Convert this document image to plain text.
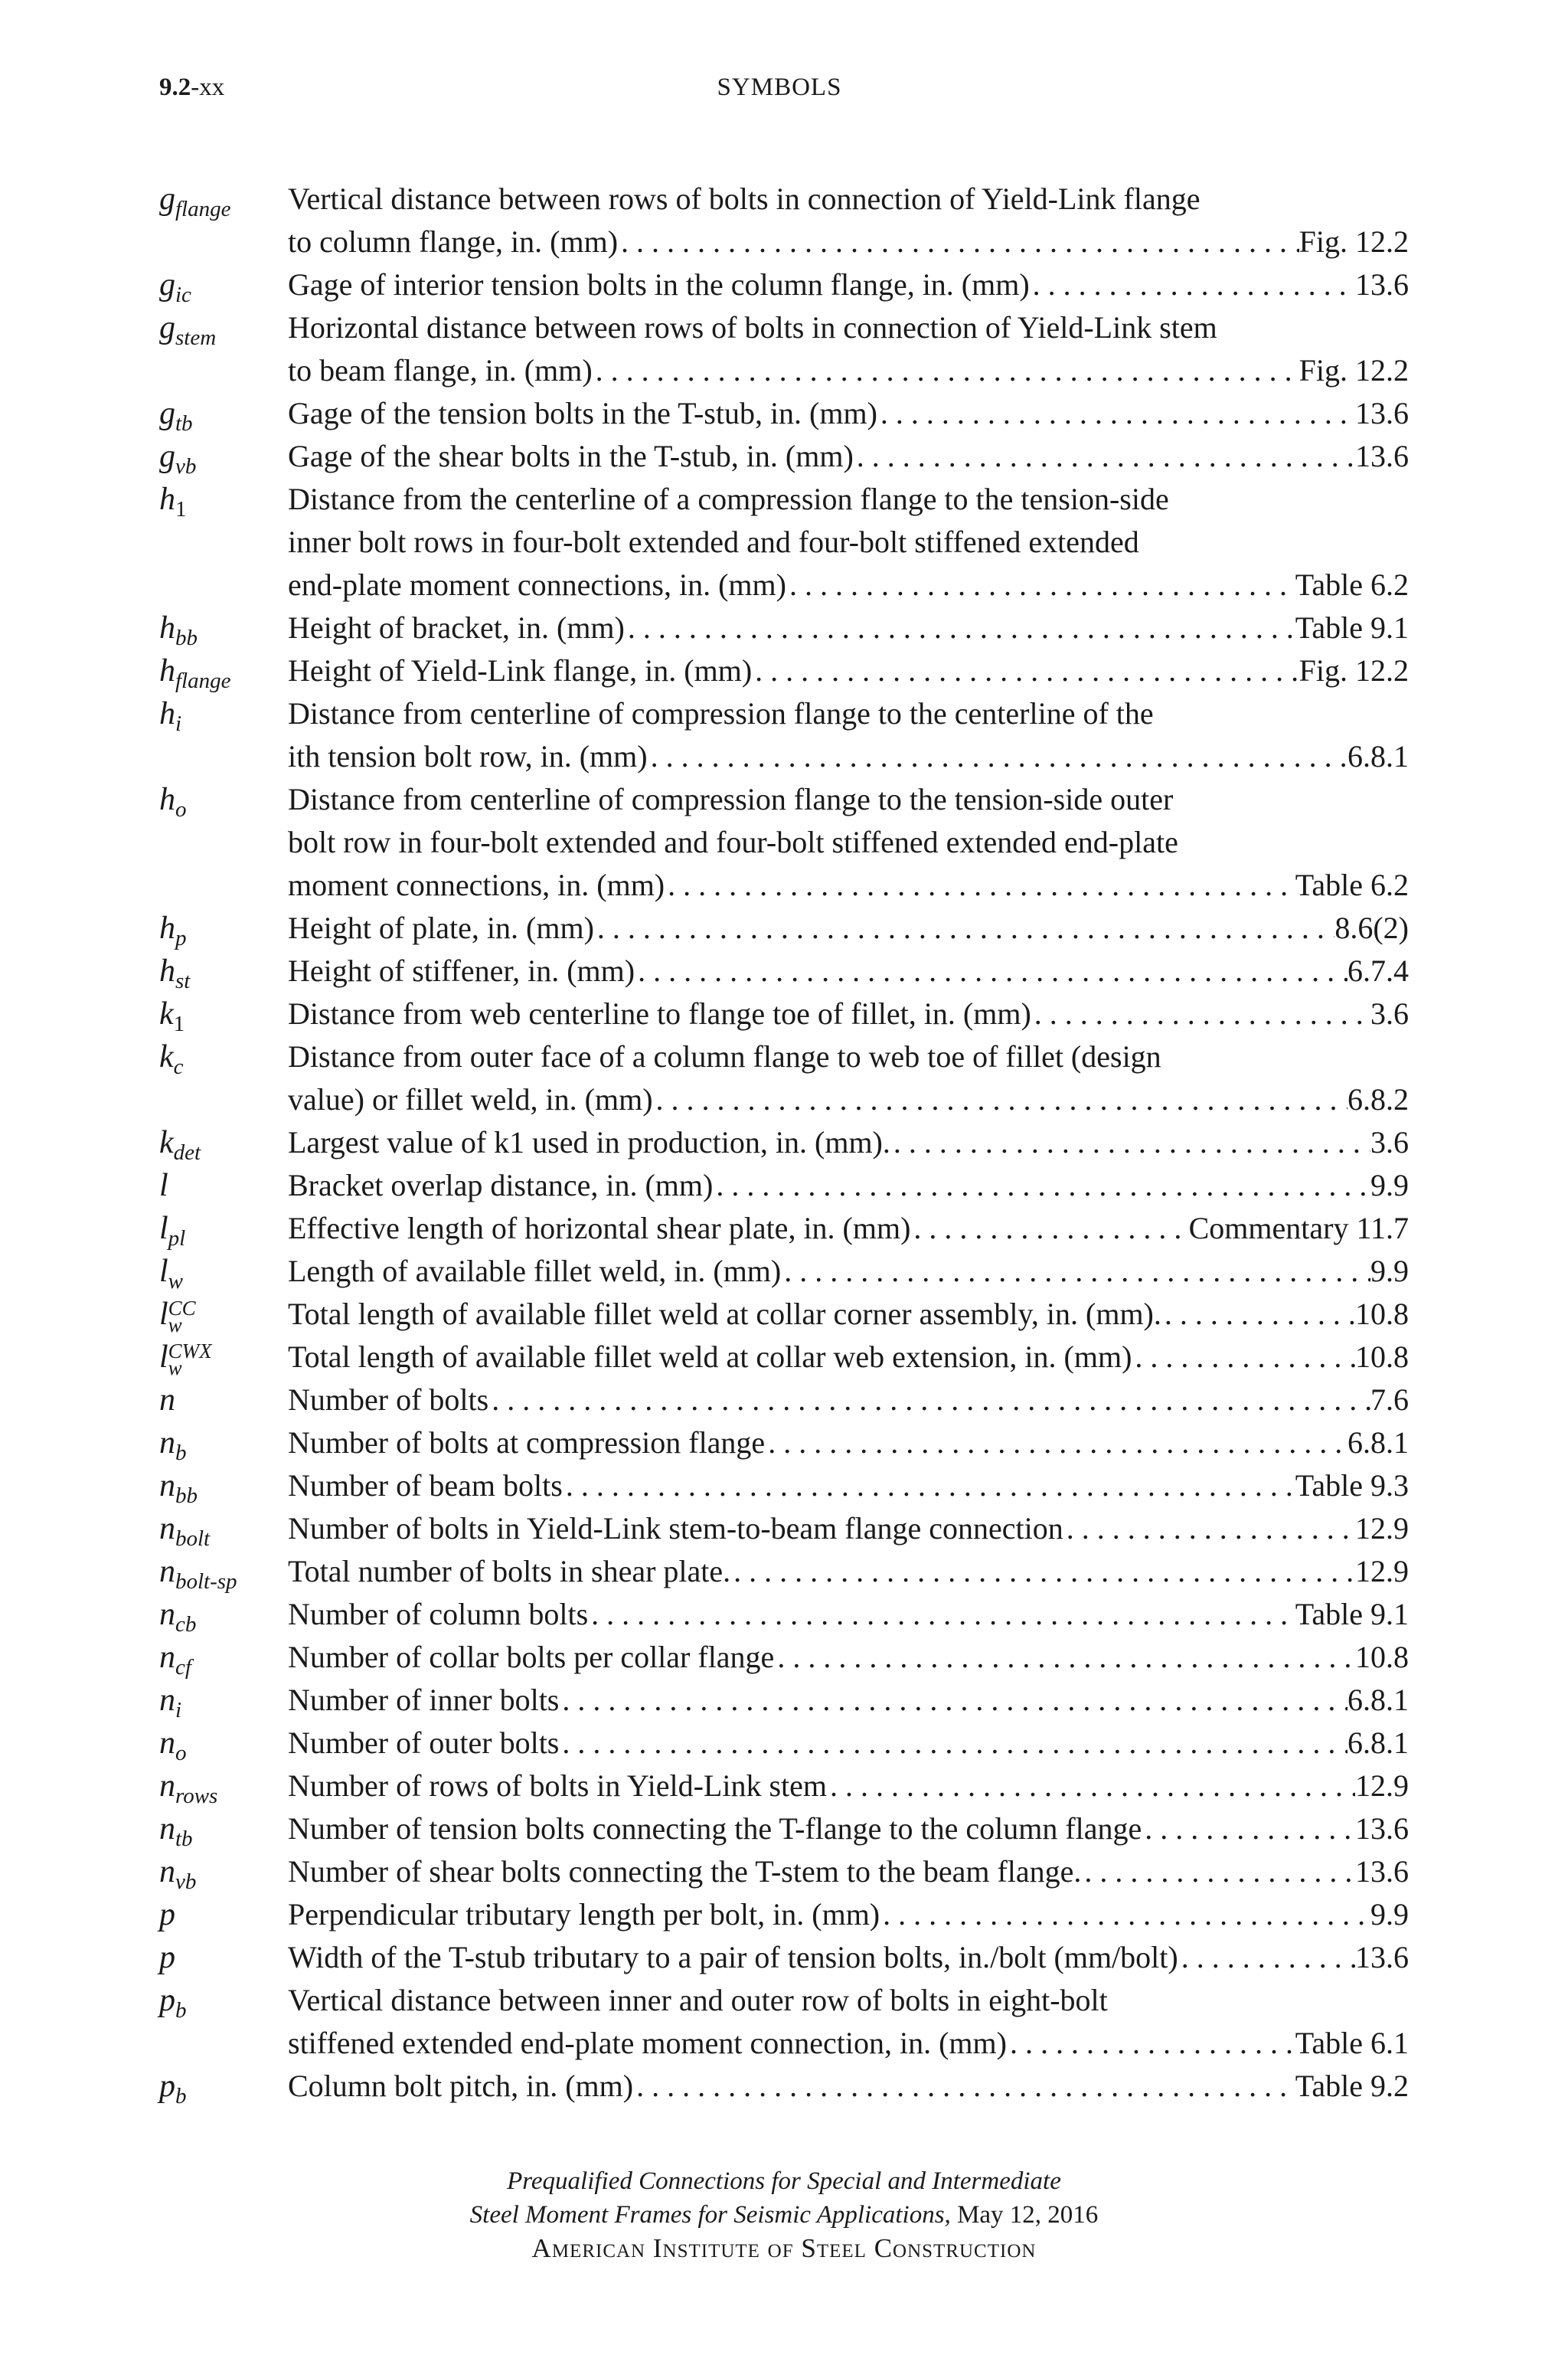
9.2-xx	SYMBOLS
$g_{flange}$	Vertical distance between rows of bolts in connection of Yield-Link flange
to column flange, in. (mm) . . .	Fig. 12.2
$g_{ic}$	Gage of interior tension bolts in the column flange, in. (mm) . . .	13.6
$g_{stem}$	Horizontal distance between rows of bolts in connection of Yield-Link stem
to beam flange, in. (mm) . . .	Fig. 12.2
$g_{tb}$	Gage of the tension bolts in the T-stub, in. (mm) . . .	13.6
$g_{vb}$	Gage of the shear bolts in the T-stub, in. (mm) . . .	13.6
$h_1$	Distance from the centerline of a compression flange to the tension-side
inner bolt rows in four-bolt extended and four-bolt stiffened extended
end-plate moment connections, in. (mm) . . .	Table 6.2
$h_{bb}$	Height of bracket, in. (mm) . . .	Table 9.1
$h_{flange}$	Height of Yield-Link flange, in. (mm) . . .	Fig. 12.2
$h_i$	Distance from centerline of compression flange to the centerline of the
ith tension bolt row, in. (mm) . . .	6.8.1
$h_o$	Distance from centerline of compression flange to the tension-side outer
bolt row in four-bolt extended and four-bolt stiffened extended end-plate
moment connections, in. (mm) . . .	Table 6.2
$h_p$	Height of plate, in. (mm) . . .	8.6(2)
$h_{st}$	Height of stiffener, in. (mm) . . .	6.7.4
$k_1$	Distance from web centerline to flange toe of fillet, in. (mm) . . .	3.6
$k_c$	Distance from outer face of a column flange to web toe of fillet (design
value) or fillet weld, in. (mm) . . .	6.8.2
$k_{det}$	Largest value of k1 used in production, in. (mm). . . .	3.6
l	Bracket overlap distance, in. (mm) . . .	9.9
$l_{pl}$	Effective length of horizontal shear plate, in. (mm) . . .	Commentary 11.7
$l_w$	Length of available fillet weld, in. (mm) . . .	9.9
l CC
w	Total length of available fillet weld at collar corner assembly, in. (mm). . . .	10.8
l CWX
w	Total length of available fillet weld at collar web extension, in. (mm) . . .	10.8
n	Number of bolts . . .	7.6
$n_b$	Number of bolts at compression flange . . .	6.8.1
$n_{bb}$	Number of beam bolts . . .	Table 9.3
$n_{bolt}$	Number of bolts in Yield-Link stem-to-beam flange connection . . .	12.9
$n_{bolt-sp}$	Total number of bolts in shear plate. . . .	12.9
$n_{cb}$	Number of column bolts . . .	Table 9.1
$n_{cf}$	Number of collar bolts per collar flange . . .	10.8
$n_i$	Number of inner bolts . . .	6.8.1
$n_o$	Number of outer bolts . . .	6.8.1
$n_{rows}$	Number of rows of bolts in Yield-Link stem . . .	12.9
$n_{tb}$	Number of tension bolts connecting the T-flange to the column flange . . .	13.6
$n_{vb}$	Number of shear bolts connecting the T-stem to the beam flange. . . .	13.6
p	Perpendicular tributary length per bolt, in. (mm) . . .	9.9
p	Width of the T-stub tributary to a pair of tension bolts, in./bolt (mm/bolt) . . .	13.6
$p_b$	Vertical distance between inner and outer row of bolts in eight-bolt
stiffened extended end-plate moment connection, in. (mm) . . .	Table 6.1
$p_b$	Column bolt pitch, in. (mm) . . .	Table 9.2
Prequalified Connections for Special and Intermediate
Steel Moment Frames for Seismic Applications, May 12, 2016
American Institute of Steel Construction
